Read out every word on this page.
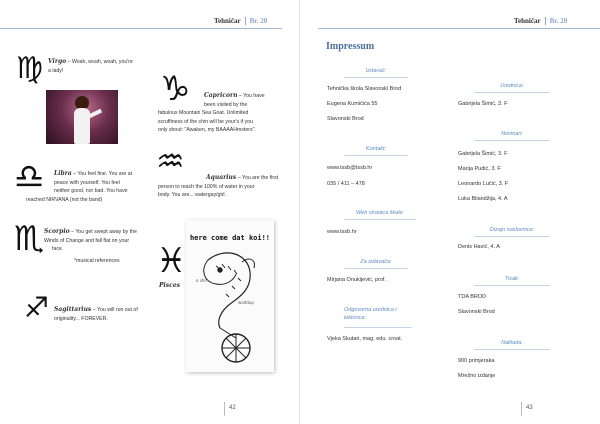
Tehničar Br. 20
♍ Virgo – Woah, woah, woah, you're
a lady!	♑ Capricorn – You have
been visited by the
fabulous Mountain Sea Goat. Unlimited
scruffiness of the chin will be your's if you
only shout: "Awaken, my BAAAAHmsters".
♎ Libra – You feel fine. You are at
peace with yourself. You feel
neither good, nor bad. You have
reached NIRVANA (not the band)
♒	Aquarius – You are the first
person to reach the 100% of water in your
body. You are... watergay/girl.
♏ Scorpio – You get swept away by the
Winds of Change and fall flat on your
face.
*musical references	♓
Pisces
here come dat koi!!
o shit
waddup
♐ Sagittarius – You will run out of
originality... FOREVER.
42
Tehničar Br. 20
43
Impressum
Izdavač:
Tehnička škola Slavonski Brod
Eugena Kumičića 55
Slavonski Brod
Kontakt:
www.tssb@tssb.hr
035 / 411 – 478
Web stranica škole:
www.tssb.hr
Za izdavača:
Mirjana Onukijević, prof.
Odgovorna urednica i lektorica:
Vjeka Skutari, mag. edu. croat.
Urednica:
Gabrijela Šimić, 3. F
Novinari:
Gabrijela Šimić, 3. F
Marija Pudić, 3. F
Leonardo Lučić, 3. F
Luka Bilandžija, 4. A
Dizajn naslovnice:
Denis Havić, 4. A
Tisak:
TDA BROD
Slavonski Brod
Naklada:
900 primjeraka
Mrežno izdanje
